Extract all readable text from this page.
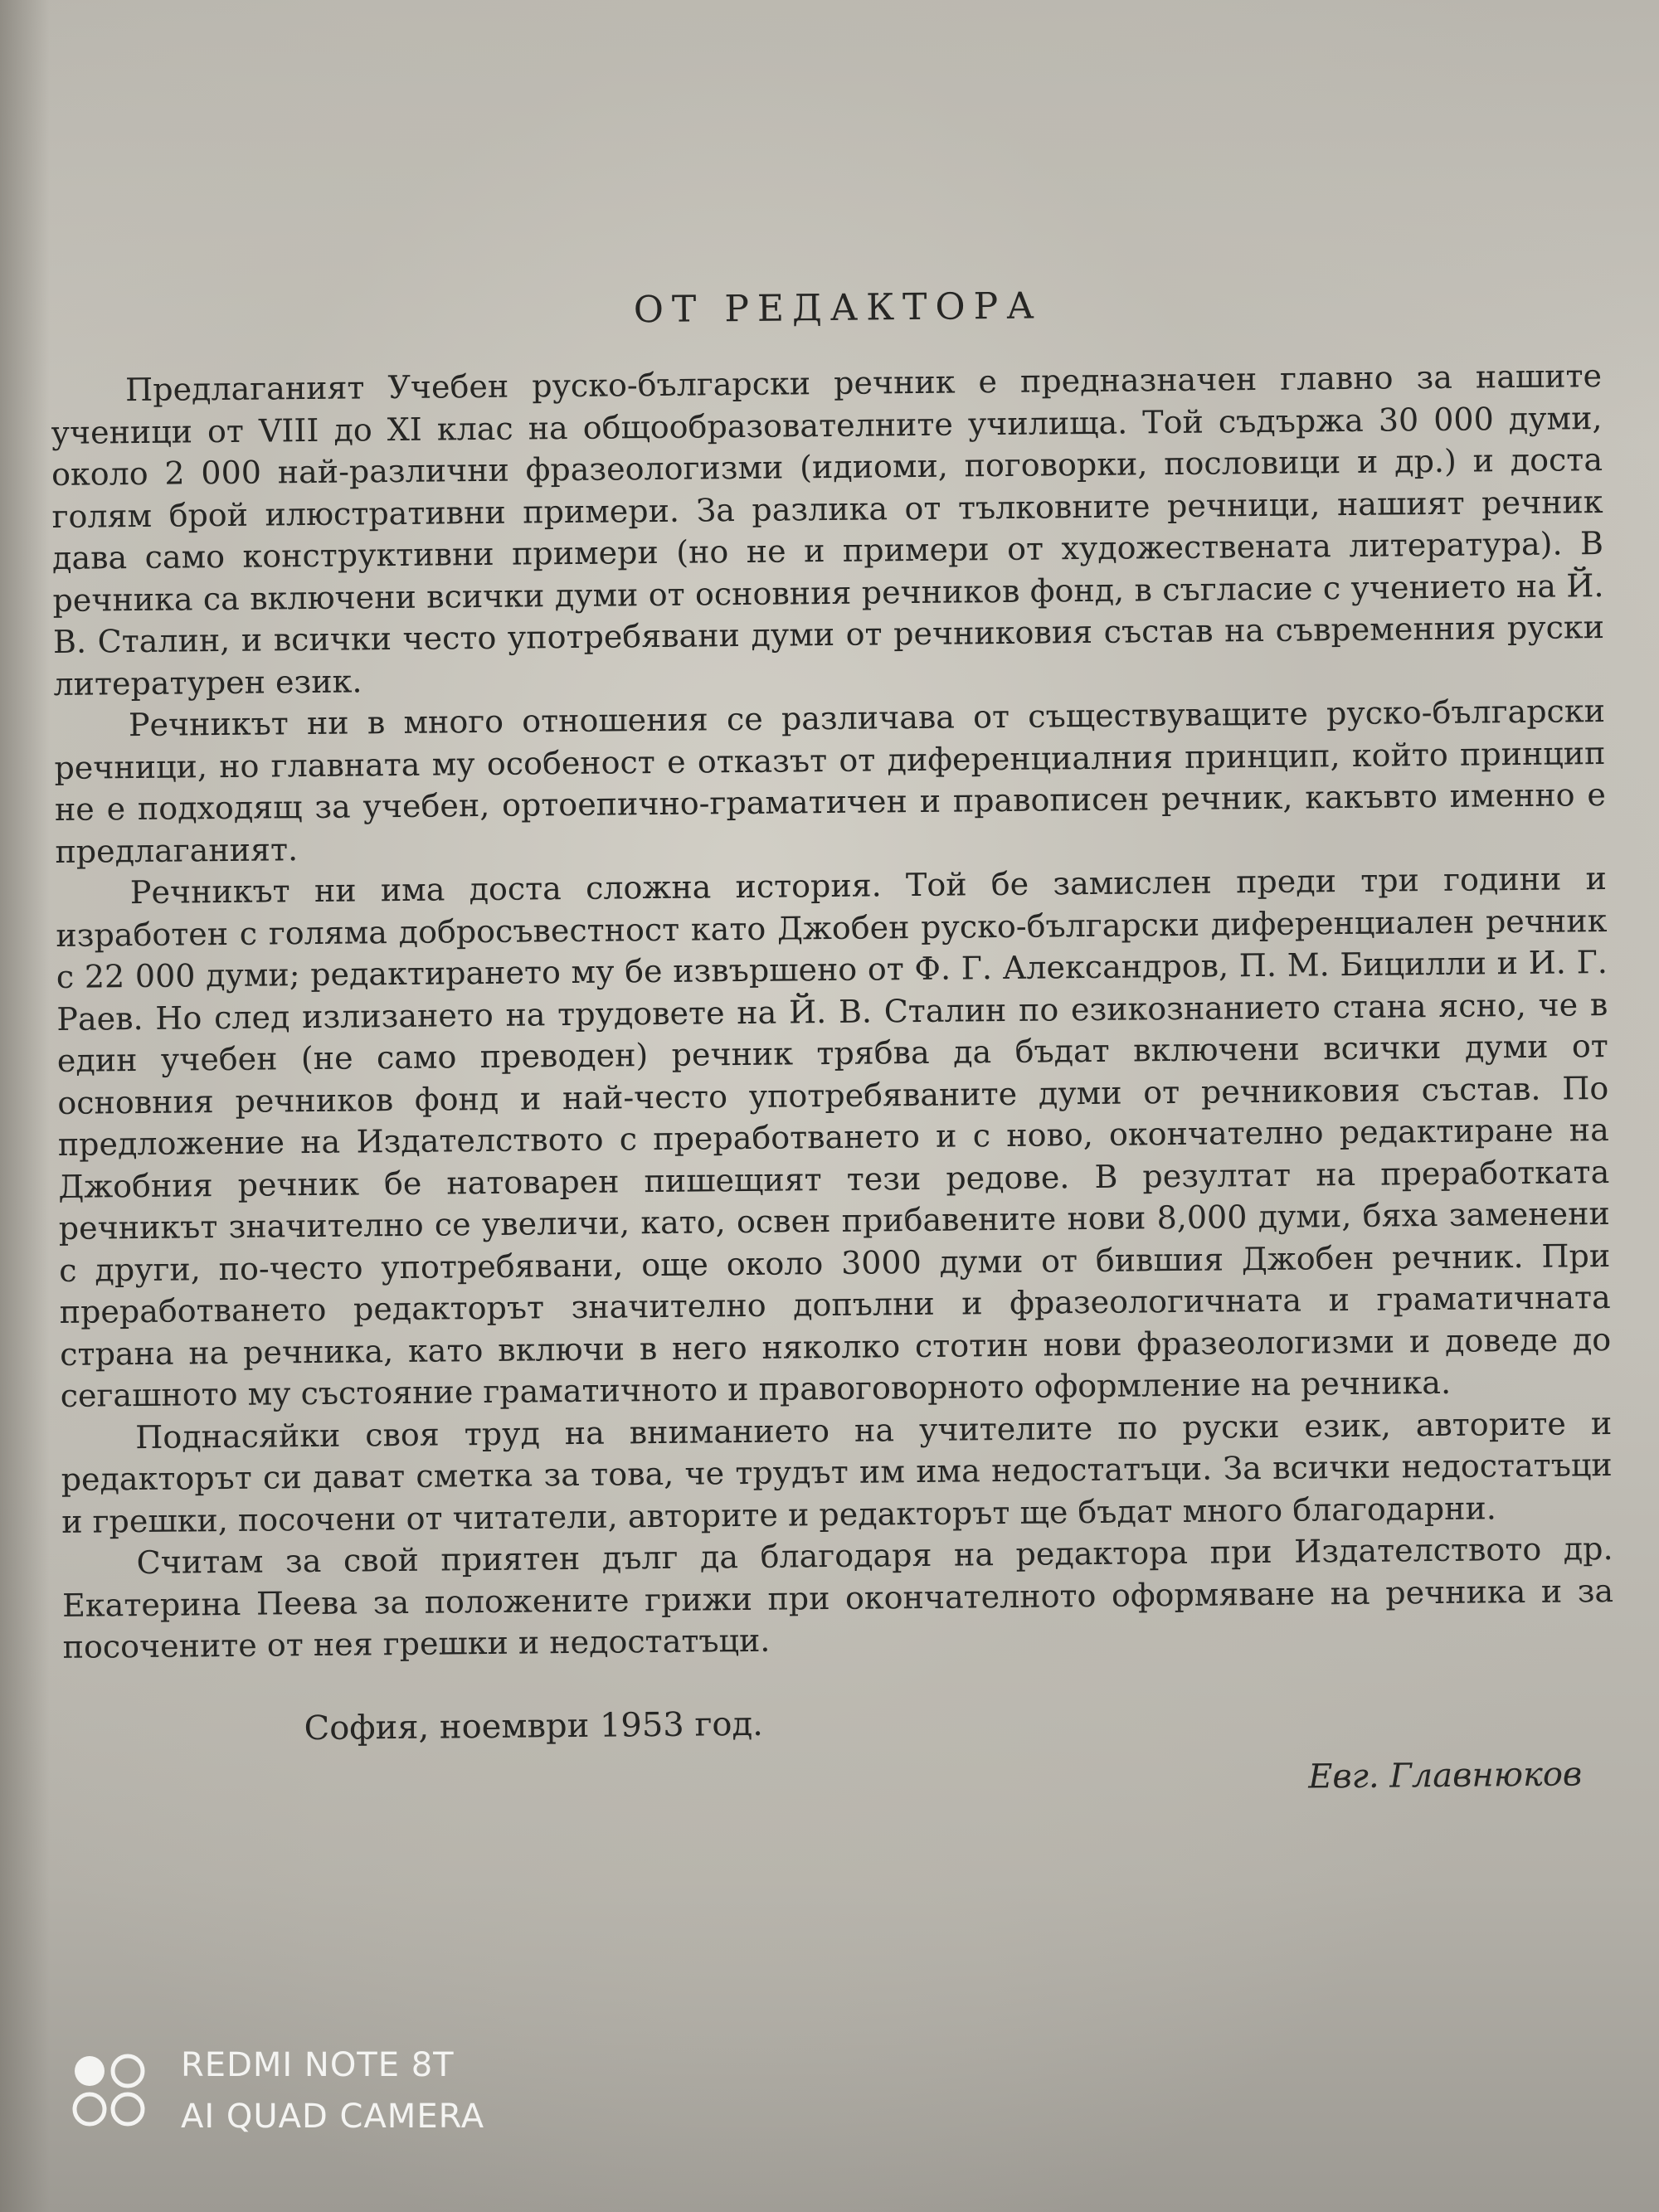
ОТ РЕДАКТОРА

Предлаганият Учебен руско-български речник е предназначен главно за нашите ученици от VIII до XI клас на общообразователните училища. Той съдържа 30 000 думи, около 2 000 най-различни фразеологизми (идиоми, поговорки, пословици и др.) и доста голям брой илюстративни примери. За разлика от тълковните речници, нашият речник дава само конструктивни примери (но не и примери от художествената литература). В речника са включени всички думи от основния речников фонд, в съгласие с учението на Й. В. Сталин, и всички често употребявани думи от речниковия състав на съвременния руски литературен език.

Речникът ни в много отношения се различава от съществуващите руско-български речници, но главната му особеност е отказът от диференциалния принцип, който принцип не е подходящ за учебен, ортоепично-граматичен и правописен речник, какъвто именно е предлаганият.

Речникът ни има доста сложна история. Той бе замислен преди три години и изработен с голяма добросъвестност като Джобен руско-български диференциален речник с 22 000 думи; редактирането му бе извършено от Ф. Г. Александров, П. М. Бицилли и И. Г. Раев. Но след излизането на трудовете на Й. В. Сталин по езикознанието стана ясно, че в един учебен (не само преводен) речник трябва да бъдат включени всички думи от основния речников фонд и най-често употребяваните думи от речниковия състав. По предложение на Издателството с преработването и с ново, окончателно редактиране на Джобния речник бе натоварен пишещият тези редове. В резултат на преработката речникът значително се увеличи, като, освен прибавените нови 8,000 думи, бяха заменени с други, по-често употребявани, още около 3000 думи от бившия Джобен речник. При преработването редакторът значително допълни и фразеологичната и граматичната страна на речника, като включи в него няколко стотин нови фразеологизми и доведе до сегашното му състояние граматичното и правоговорното оформление на речника.

Поднасяйки своя труд на вниманието на учителите по руски език, авторите и редакторът си дават сметка за това, че трудът им има недостатъци. За всички недостатъци и грешки, посочени от читатели, авторите и редакторът ще бъдат много благодарни.

Считам за свой приятен дълг да благодаря на редактора при Издателството др. Екатерина Пеева за положените грижи при окончателното оформяване на речника и за посочените от нея грешки и недостатъци.

София, ноември 1953 год.
Евг. Главнюков
REDMI NOTE 8T
AI QUAD CAMERA
